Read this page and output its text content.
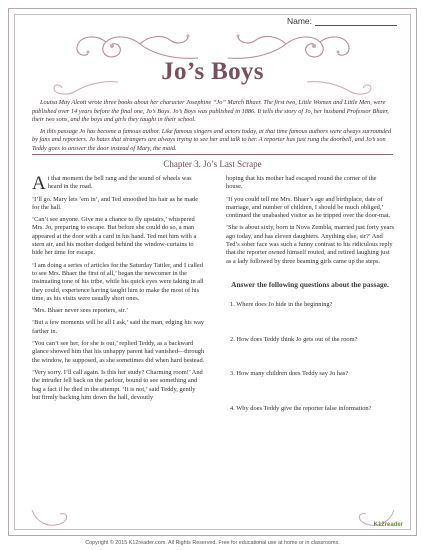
Name:
Jo’s Boys

Louisa May Alcott wrote three books about her character Josephine “Jo” March Bhaer. The first two, Little Women and Little Men, were published over 14 years before the final one, Jo’s Boys. Jo’s Boys was published in 1886. It tells the story of Jo, her husband Professor Bhaer, their two sons, and the boys and girls they taught in their school.

In this passage Jo has become a famous author. Like famous singers and actors today, at that time famous authors were always surrounded by fans and reporters. Jo hates that strangers are always trying to see her and talk to her. A reporter has just rung the doorbell, and Jo’s son Teddy goes to answer the door instead of Mary, the maid.

Chapter 3. Jo’s Last Scrape

At that moment the bell rang and the sound of wheels was heard in the road.

‘I’ll go. Mary lets ’em in’, and Ted smoothed his hair as he made for the hall.

‘Can’t see anyone. Give me a chance to fly upstairs,’ whispered Mrs. Jo, preparing to escape. But before she could do so, a man appeared at the door with a card in his hand. Ted met him with a stern air, and his mother dodged behind the window-curtains to bide her time for escape.

‘I am doing a series of articles for the Saturday Tattler, and I called to see Mrs. Bhaer the first of all,’ began the newcomer in the insinuating tone of his tribe, while his quick eyes were taking in all they could, experience having taught him to make the most of his time, as his visits were usually short ones.

‘Mrs. Bhaer never sees reporters, sir.’

‘But a few moments will be all I ask,’ said the man, edging his way farther in.

‘You can’t see her, for she is out,’ replied Teddy, as a backward glance showed him that his unhappy parent had vanished—through the window, he supposed, as she sometimes did when hard bestead.

‘Very sorry. I’ll call again. Is this her study? Charming room!’ And the intruder fell back on the parlour, bound to see something and bag a fact if he died in the attempt. ‘It is not,’ said Teddy, gently but firmly backing him down the hall, devoutly

hoping that his mother had escaped round the corner of the house.

‘If you could tell me Mrs. Bhaer’s age and birthplace, date of marriage, and number of children, I should be much obliged,’ continued the unabashed visitor as he tripped over the door-mat.

‘She is about sixty, born in Nova Zembla, married just forty years ago today, and has eleven daughters. Anything else, sir?’ And Ted’s sober face was such a funny contrast to his ridiculous reply that the reporter owned himself routed, and retired laughing just as a lady followed by three beaming girls came up the steps.

Answer the following questions about the passage.
1. Where does Jo hide in the beginning?
2. How does Teddy think Jo gets out of the room?
3. How many children does Teddy say Jo has?
4. Why does Teddy give the reporter false information?
K12reader
Copyright © 2015 K12reader.com. All Rights Reserved. Free for educational use at home or in classrooms.
